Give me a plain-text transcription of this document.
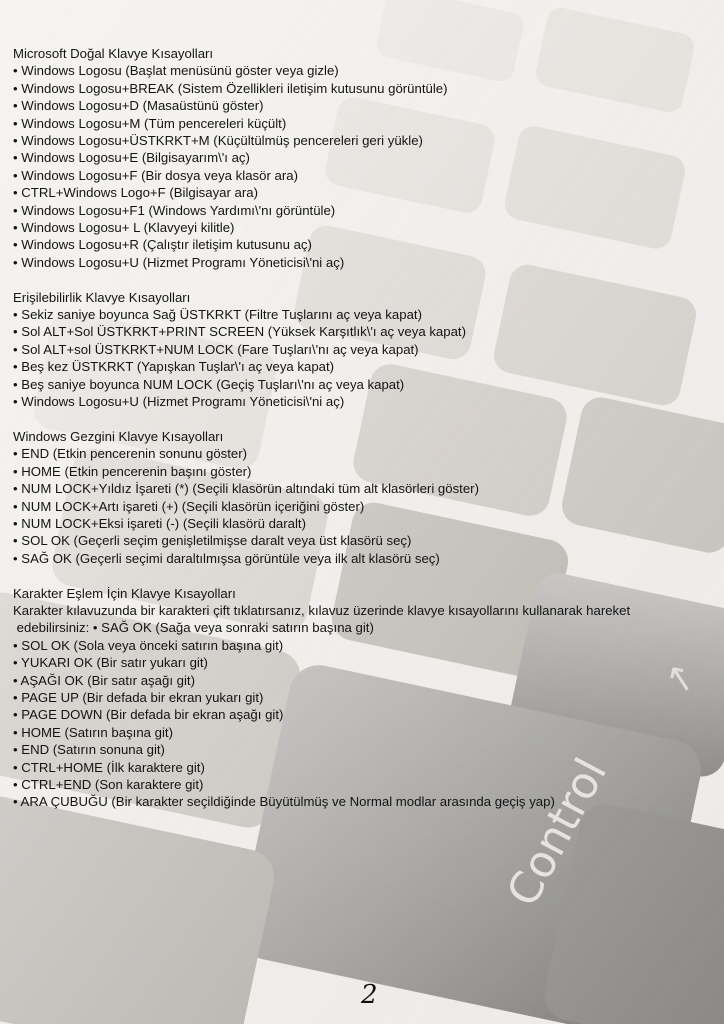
Microsoft Doğal Klavye Kısayolları

• Windows Logosu (Başlat menüsünü göster veya gizle)

• Windows Logosu+BREAK (Sistem Özellikleri iletişim kutusunu görüntüle)

• Windows Logosu+D (Masaüstünü göster)

• Windows Logosu+M (Tüm pencereleri küçült)

• Windows Logosu+ÜSTKRKT+M (Küçültülmüş pencereleri geri yükle)

• Windows Logosu+E (Bilgisayarım\'ı aç)

• Windows Logosu+F (Bir dosya veya klasör ara)

• CTRL+Windows Logo+F (Bilgisayar ara)

• Windows Logosu+F1 (Windows Yardımı\'nı görüntüle)

• Windows Logosu+ L (Klavyeyi kilitle)

• Windows Logosu+R (Çalıştır iletişim kutusunu aç)

• Windows Logosu+U (Hizmet Programı Yöneticisi\'ni aç)

Erişilebilirlik Klavye Kısayolları

• Sekiz saniye boyunca Sağ ÜSTKRKT (Filtre Tuşlarını aç veya kapat)

• Sol ALT+Sol ÜSTKRKT+PRINT SCREEN (Yüksek Karşıtlık\'ı aç veya kapat)

• Sol ALT+sol ÜSTKRKT+NUM LOCK (Fare Tuşları\'nı aç veya kapat)

• Beş kez ÜSTKRKT (Yapışkan Tuşlar\'ı aç veya kapat)

• Beş saniye boyunca NUM LOCK (Geçiş Tuşları\'nı aç veya kapat)

• Windows Logosu+U (Hizmet Programı Yöneticisi\'ni aç)

Windows Gezgini Klavye Kısayolları

• END (Etkin pencerenin sonunu göster)

• HOME (Etkin pencerenin başını göster)

• NUM LOCK+Yıldız İşareti (*) (Seçili klasörün altındaki tüm alt klasörleri göster)

• NUM LOCK+Artı işareti (+) (Seçili klasörün içeriğini göster)

• NUM LOCK+Eksi işareti (-) (Seçili klasörü daralt)

• SOL OK (Geçerli seçim genişletilmişse daralt veya üst klasörü seç)

• SAĞ OK (Geçerli seçimi daraltılmışsa görüntüle veya ilk alt klasörü seç)

Karakter Eşlem İçin Klavye Kısayolları

Karakter kılavuzunda bir karakteri çift tıklatırsanız, kılavuz üzerinde klavye kısayollarını kullanarak hareket

edebilirsiniz: • SAĞ OK (Sağa veya sonraki satırın başına git)

• SOL OK (Sola veya önceki satırın başına git)

• YUKARI OK (Bir satır yukarı git)

• AŞAĞI OK (Bir satır aşağı git)

• PAGE UP (Bir defada bir ekran yukarı git)

• PAGE DOWN (Bir defada bir ekran aşağı git)

• HOME (Satırın başına git)

• END (Satırın sonuna git)

• CTRL+HOME (İlk karaktere git)

• CTRL+END (Son karaktere git)

• ARA ÇUBUĞU (Bir karakter seçildiğinde Büyütülmüş ve Normal modlar arasında geçiş yap)

2
